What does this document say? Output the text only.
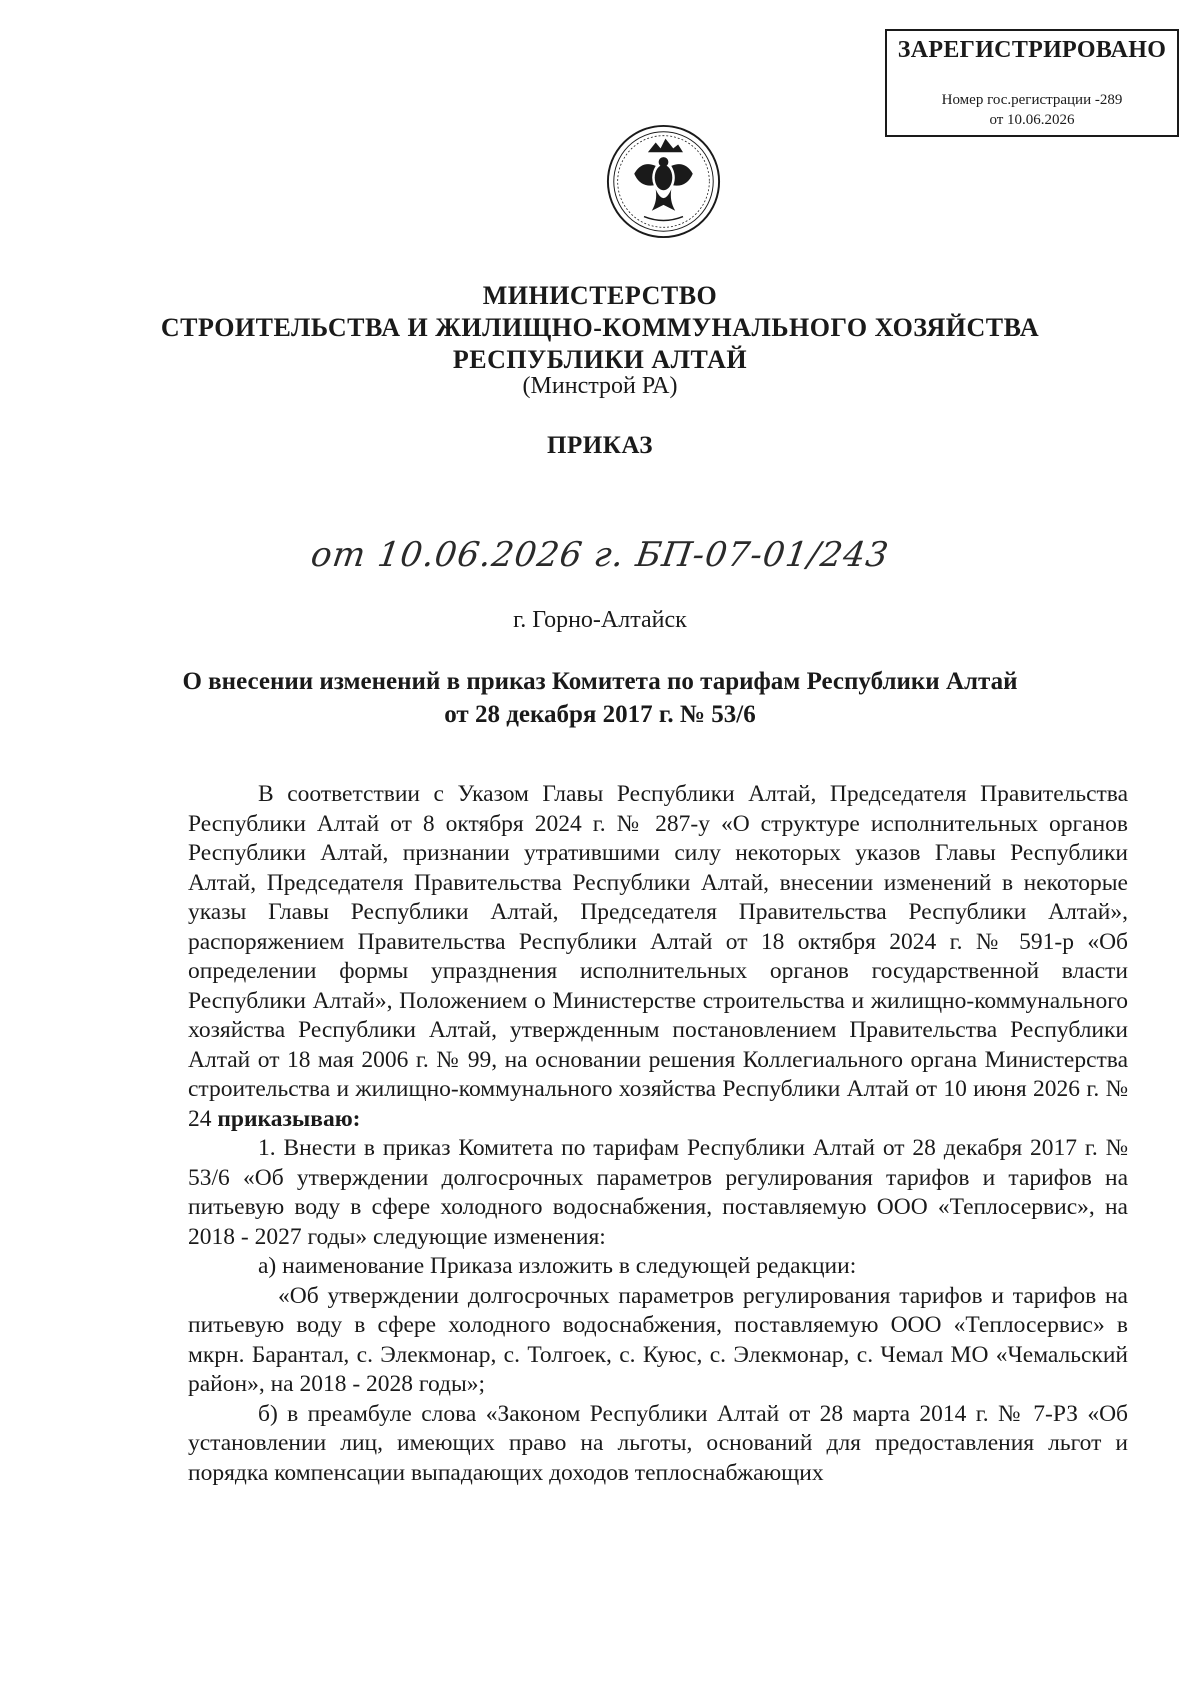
ЗАРЕГИСТРИРОВАНО
Номер гос.регистрации -289
от 10.06.2026
МИНИСТЕРСТВО
СТРОИТЕЛЬСТВА И ЖИЛИЩНО-КОММУНАЛЬНОГО ХОЗЯЙСТВА
РЕСПУБЛИКИ АЛТАЙ
(Минстрой РА)
ПРИКАЗ
от 10.06.2026 г. БП-07-01/243
г. Горно-Алтайск
О внесении изменений в приказ Комитета по тарифам Республики Алтай
от 28 декабря 2017 г. № 53/6

В соответствии с Указом Главы Республики Алтай, Председателя Правительства Республики Алтай от 8 октября 2024 г. № 287-у «О структуре исполнительных органов Республики Алтай, признании утратившими силу некоторых указов Главы Республики Алтай, Председателя Правительства Республики Алтай, внесении изменений в некоторые указы Главы Республики Алтай, Председателя Правительства Республики Алтай», распоряжением Правительства Республики Алтай от 18 октября 2024 г. № 591-р «Об определении формы упразднения исполнительных органов государственной власти Республики Алтай», Положением о Министерстве строительства и жилищно-коммунального хозяйства Республики Алтай, утвержденным постановлением Правительства Республики Алтай от 18 мая 2006 г. № 99, на основании решения Коллегиального органа Министерства строительства и жилищно-коммунального хозяйства Республики Алтай от 10 июня 2026 г. № 24 приказываю:

1. Внести в приказ Комитета по тарифам Республики Алтай от 28 декабря 2017 г. № 53/6 «Об утверждении долгосрочных параметров регулирования тарифов и тарифов на питьевую воду в сфере холодного водоснабжения, поставляемую ООО «Теплосервис», на 2018 - 2027 годы» следующие изменения:

а) наименование Приказа изложить в следующей редакции:

«Об утверждении долгосрочных параметров регулирования тарифов и тарифов на питьевую воду в сфере холодного водоснабжения, поставляемую ООО «Теплосервис» в мкрн. Барантал, с. Элекмонар, с. Толгоек, с. Куюс, с. Элекмонар, с. Чемал МО «Чемальский район», на 2018 - 2028 годы»;

б) в преамбуле слова «Законом Республики Алтай от 28 марта 2014 г. № 7-РЗ «Об установлении лиц, имеющих право на льготы, оснований для предоставления льгот и порядка компенсации выпадающих доходов теплоснабжающих
